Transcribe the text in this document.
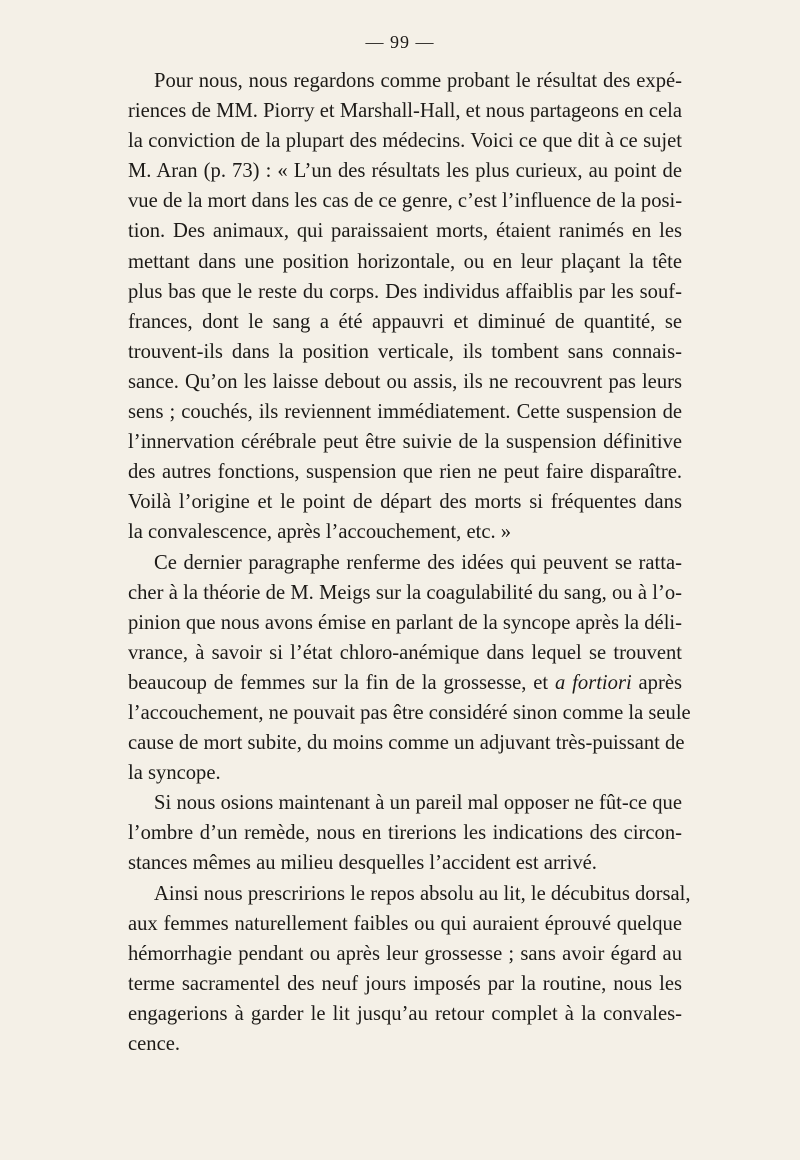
— 99 —
Pour nous, nous regardons comme probant le résultat des expé-
riences de MM. Piorry et Marshall-Hall, et nous partageons en cela
la conviction de la plupart des médecins. Voici ce que dit à ce sujet
M. Aran (p. 73) : « L’un des résultats les plus curieux, au point de
vue de la mort dans les cas de ce genre, c’est l’influence de la posi-
tion. Des animaux, qui paraissaient morts, étaient ranimés en les
mettant dans une position horizontale, ou en leur plaçant la tête
plus bas que le reste du corps. Des individus affaiblis par les souf-
frances, dont le sang a été appauvri et diminué de quantité, se
trouvent-ils dans la position verticale, ils tombent sans connais-
sance. Qu’on les laisse debout ou assis, ils ne recouvrent pas leurs
sens ; couchés, ils reviennent immédiatement. Cette suspension de
l’innervation cérébrale peut être suivie de la suspension définitive
des autres fonctions, suspension que rien ne peut faire disparaître.
Voilà l’origine et le point de départ des morts si fréquentes dans
la convalescence, après l’accouchement, etc. »
Ce dernier paragraphe renferme des idées qui peuvent se ratta-
cher à la théorie de M. Meigs sur la coagulabilité du sang, ou à l’o-
pinion que nous avons émise en parlant de la syncope après la déli-
vrance, à savoir si l’état chloro-anémique dans lequel se trouvent
beaucoup de femmes sur la fin de la grossesse, et a fortiori après
l’accouchement, ne pouvait pas être considéré sinon comme la seule
cause de mort subite, du moins comme un adjuvant très-puissant de
la syncope.
Si nous osions maintenant à un pareil mal opposer ne fût-ce que
l’ombre d’un remède, nous en tirerions les indications des circon-
stances mêmes au milieu desquelles l’accident est arrivé.
Ainsi nous prescririons le repos absolu au lit, le décubitus dorsal,
aux femmes naturellement faibles ou qui auraient éprouvé quelque
hémorrhagie pendant ou après leur grossesse ; sans avoir égard au
terme sacramentel des neuf jours imposés par la routine, nous les
engagerions à garder le lit jusqu’au retour complet à la convales-
cence.
